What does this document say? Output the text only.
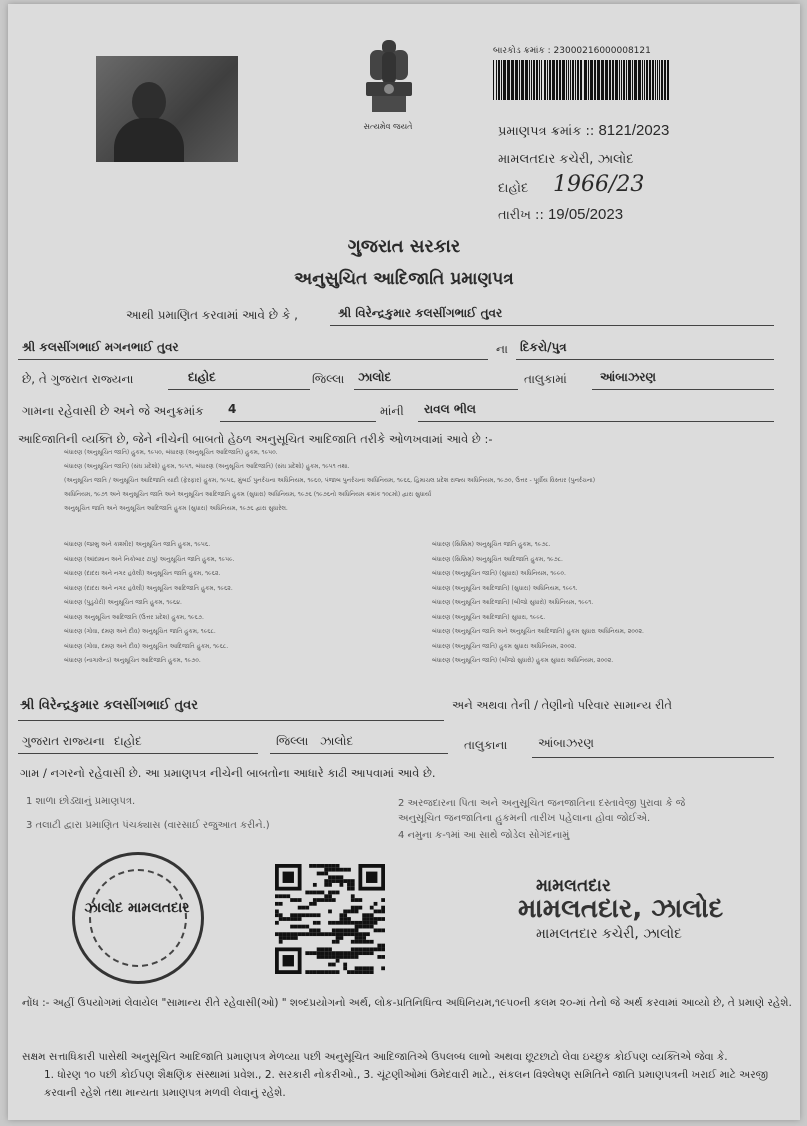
સત્યમેવ જયતે
બારકોડ ક્રમાંક : 23000216000008121
પ્રમાણપત્ર ક્રમાંક :: 8121/2023
મામલતદાર કચેરી, ઝાલોદ
દાહોદ 1966/23
તારીખ :: 19/05/2023
ગુજરાત સરકાર
અનુસુચિત આદિજાતિ પ્રમાણપત્ર
આથી પ્રમાણિત કરવામાં આવે છે કે ,	શ્રી વિરેન્દ્રકુમાર કલસીંગભાઈ તુવર
શ્રી કલસીંગભાઈ મગનભાઈ તુવર	ના દિકરો/પુત્ર
છે, તે ગુજરાત રાજ્યના	દાહોદ	જિલ્લા ઝાલોદ	તાલુકામાં	આંબાઝરણ
ગામના રહેવાસી છે અને જે અનુક્રમાંક 4	માંની રાવલ ભીલ
આદિજાતિની વ્યક્તિ છે, જેને નીચેની બાબતો હેઠળ અનુસૂચિત આદિજાતિ તરીકે ઓળખવામાં આવે છે :-
બંધારણ (અનુસૂચિત જાતિ) હુકમ, ૧૯૫૦, બંધારણ (અનુસૂચિત આદિજાતિ) હુકમ, ૧૯૫૦.
બંધારણ (અનુસૂચિત જાતિ) (સંઘ પ્રદેશો) હુકમ, ૧૯૫૧, બંધારણ (અનુસૂચિત આદિજાતિ) (સંઘ પ્રદેશો) હુકમ, ૧૯૫૧ તથા.
(અનુસૂચિત જાતિ / અનુસૂચિત આદિજાતિ યાદી (ફેરફાર) હુકમ, ૧૯૫૬, મુંબઈ પુનર્રચના અધિનિયમ, ૧૯૬૦, પંજાબ પુનર્રચના અધિનિયમ, ૧૯૬૬, હિમાચલ પ્રદેશ રાજ્ય અધિનિયમ, ૧૯૭૦, ઉત્તર - પૂર્વીય વિસ્તાર (પુનર્રચના)
અધિનિયમ, ૧૯૭૧ અને અનુસૂચિત જાતિ અને અનુસૂચિત આદિજાતિ હુકમ (સુધારા) અધિનિયમ, ૧૯૭૬ (૧૯૭૬નો અધિનિયમ ક્રમાંક ૧૦૮મો) દ્વારા સુધાર્યા
અનુસૂચિત જાતિ અને અનુસૂચિત આદિજાતિ હુકમ (સુધારા) અધિનિયમ, ૧૯૭૬ દ્વારા સુધારેલ.
બંધારણ (જમ્મુ અને કાશ્મીર) અનુસૂચિત જાતિ હુકમ, ૧૯૫૬.
બંધારણ (આંદામાન અને નિકોબાર ટાપુ) અનુસૂચિત જાતિ હુકમ, ૧૯૫૯.
બંધારણ (દાદરા અને નગર હવેલી) અનુસૂચિત જાતિ હુકમ, ૧૯૬૨.
બંધારણ (દાદરા અને નગર હવેલી) અનુસૂચિત આદિજાતિ હુકમ, ૧૯૬૨.
બંધારણ (પુડુચેરી) અનુસૂચિત જાતિ હુકમ, ૧૯૬૪.
બંધારણ અનુસૂચિત આદિજાતિ (ઉત્તર પ્રદેશ) હુકમ, ૧૯૬૭.
બંધારણ (ગોવા, દમણ અને દીવ) અનુસૂચિત જાતિ હુકમ, ૧૯૬૮.
બંધારણ (ગોવા, દમણ અને દીવ) અનુસૂચિત આદિજાતિ હુકમ, ૧૯૬૮.
બંધારણ (નાગાલેન્ડ) અનુસૂચિત આદિજાતિ હુકમ, ૧૯૭૦.
બંધારણ (સિક્કિમ) અનુસૂચિત જાતિ હુકમ, ૧૯૭૮.
બંધારણ (સિક્કિમ) અનુસૂચિત આદિજાતિ હુકમ, ૧૯૭૮.
બંધારણ (અનુસૂચિત જાતિ) (સુધારા) અધિનિયમ, ૧૯૯૦.
બંધારણ (અનુસૂચિત આદિજાતિ) (સુધારા) અધિનિયમ, ૧૯૯૧.
બંધારણ (અનુસૂચિત આદિજાતિ) (બીજો સુધારો) અધિનિયમ, ૧૯૯૧.
બંધારણ (અનુસૂચિત આદિજાતિ) સુધારા, ૧૯૯૬.
બંધારણ (અનુસૂચિત જાતિ અને અનુસૂચિત આદિજાતિ) હુકમ સુધારા અધિનિયમ, ૨૦૦૨.
બંધારણ (અનુસૂચિત જાતિ) હુકમ સુધારા અધિનિયમ, ૨૦૦૨.
બંધારણ (અનુસૂચિત જાતિ) (બીજો સુધારો) હુકમ સુધારા અધિનિયમ, ૨૦૦૨.
શ્રી વિરેન્દ્રકુમાર કલસીંગભાઈ તુવર	અને અથવા તેની / તેણીનો પરિવાર સામાન્ય રીતે
ગુજરાત રાજ્યના દાહોદ	જિલ્લા ઝાલોદ	તાલુકાના	આંબાઝરણ
ગામ / નગરનો રહેવાસી છે. આ પ્રમાણપત્ર નીચેની બાબતોના આધારે કાઢી આપવામાં આવે છે.
1 શાળા છોડ્યાનું પ્રમાણપત્ર.
3 તલાટી દ્વારા પ્રમાણિત પંચક્યાસ (વારસાઈ રજુઆત કરીને.)
2 અરજદારના પિતા અને અનુસૂચિત જનજાતિના દસ્તાવેજી પુરાવા કે જે અનુસૂચિત જનજાતિના હુકમની તારીખ પહેલાના હોવા જોઈએ.
4 નમુના ક-૧માં આ સાથે જોડેલ સોગંદનામું
ઝાલોદ મામલતદાર
મામલતદાર
મામલતદાર, ઝાલોદ
મામલતદાર કચેરી, ઝાલોદ
નોંધ :- અહીં ઉપયોગમાં લેવાયેલ "સામાન્ય રીતે રહેવાસી(ઓ) " શબ્દપ્રયોગનો અર્થ, લોક-પ્રતિનિધિત્વ અધિનિયમ,૧૯૫૦ની કલમ ૨૦-માં તેનો જે અર્થ કરવામાં આવ્યો છે, તે પ્રમાણે રહેશે.
સક્ષમ સત્તાધિકારી પાસેથી અનુસૂચિત આદિજાતિ પ્રમાણપત્ર મેળવ્યા પછી અનુસૂચિત આદિજાતિએ ઉપલબ્ધ લાભો અથવા છૂટછાટો લેવા ઇચ્છુક કોઈપણ વ્યક્તિએ જેવા કે.
1. ધોરણ ૧૦ પછી કોઈપણ શૈક્ષણિક સંસ્થામાં પ્રવેશ., 2. સરકારી નોકરીઓ., 3. ચૂંટણીઓમાં ઉમેદવારી માટે., સંકલન વિશ્લેષણ સમિતિને જાતિ પ્રમાણપત્રની ખરાઈ માટે અરજી કરવાની રહેશે તથા માન્યતા પ્રમાણપત્ર મળવી લેવાનું રહેશે.
